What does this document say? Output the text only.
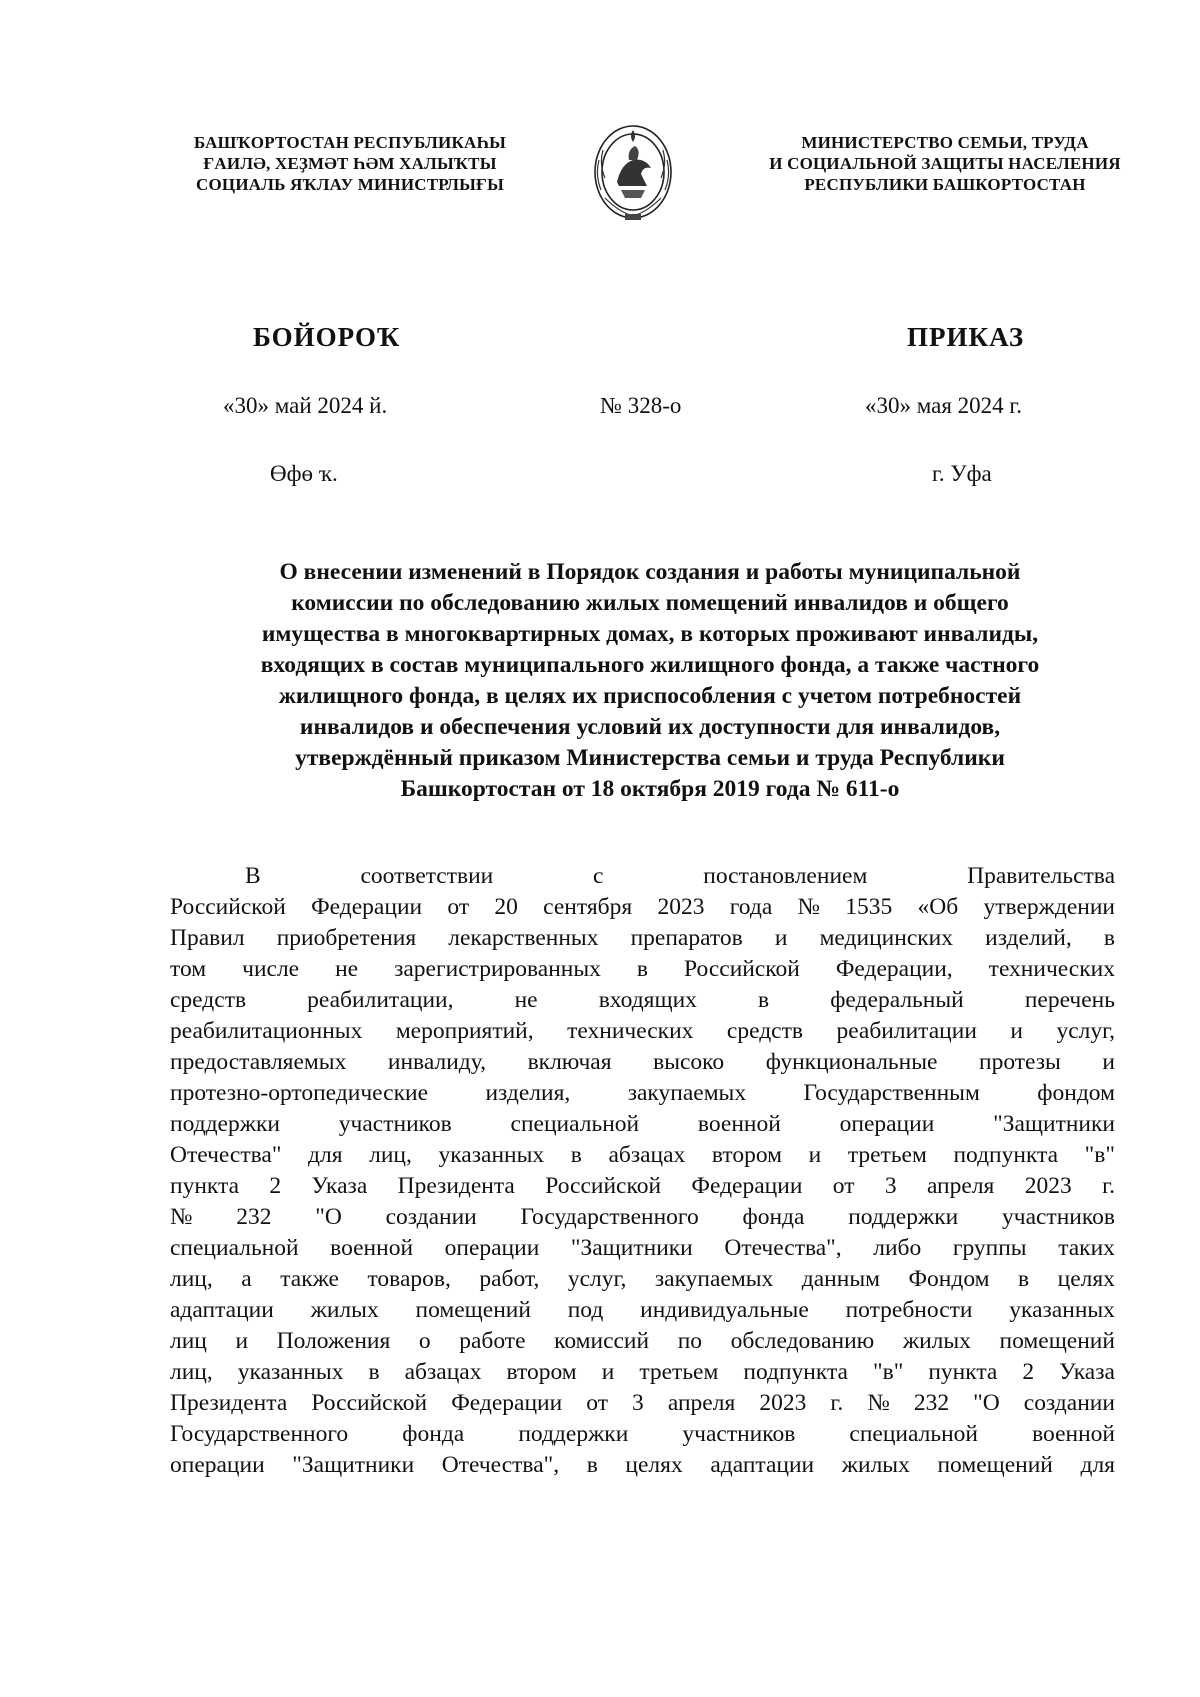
БАШҠОРТОСТАН РЕСПУБЛИКАҺЫ
ҒАИЛӘ, ХЕҘМӘТ ҺӘМ ХАЛЫҠТЫ
СОЦИАЛЬ ЯҠЛАУ МИНИСТРЛЫҒЫ
МИНИСТЕРСТВО СЕМЬИ, ТРУДА
И СОЦИАЛЬНОЙ ЗАЩИТЫ НАСЕЛЕНИЯ
РЕСПУБЛИКИ БАШКОРТОСТАН
БОЙОРОҠ	ПРИКАЗ
«30» май 2024 й.	№ 328-о	«30» мая 2024 г.
Өфө ҡ.	г. Уфа
О внесении изменений в Порядок создания и работы муниципальной
комиссии по обследованию жилых помещений инвалидов и общего
имущества в многоквартирных домах, в которых проживают инвалиды,
входящих в состав муниципального жилищного фонда, а также частного
жилищного фонда, в целях их приспособления с учетом потребностей
инвалидов и обеспечения условий их доступности для инвалидов,
утверждённый приказом Министерства семьи и труда Республики
Башкортостан от 18 октября 2019 года № 611-о
В	соответствии	с	постановлением	Правительства
Российской Федерации от 20 сентября 2023 года № 1535 «Об утверждении
Правил приобретения лекарственных препаратов и медицинских изделий, в
том числе не зарегистрированных в Российской Федерации, технических
средств	реабилитации,	не	входящих	в	федеральный	перечень
реабилитационных мероприятий, технических средств реабилитации и услуг,
предоставляемых инвалиду, включая высоко функциональные протезы и
протезно-ортопедические изделия, закупаемых Государственным фондом
поддержки	участников	специальной	военной	операции	"Защитники
Отечества" для лиц, указанных в абзацах втором и третьем подпункта "в"
пункта 2 Указа Президента Российской Федерации от 3 апреля 2023 г.
№ 232 "О создании Государственного фонда поддержки участников
специальной военной операции "Защитники Отечества", либо группы таких
лиц, а также товаров, работ, услуг, закупаемых данным Фондом в целях
адаптации жилых помещений под индивидуальные потребности указанных
лиц и Положения о работе комиссий по обследованию жилых помещений
лиц, указанных в абзацах втором и третьем подпункта "в" пункта 2 Указа
Президента Российской Федерации от 3 апреля 2023 г. № 232 "О создании
Государственного фонда поддержки участников специальной военной
операции "Защитники Отечества", в целях адаптации жилых помещений для
